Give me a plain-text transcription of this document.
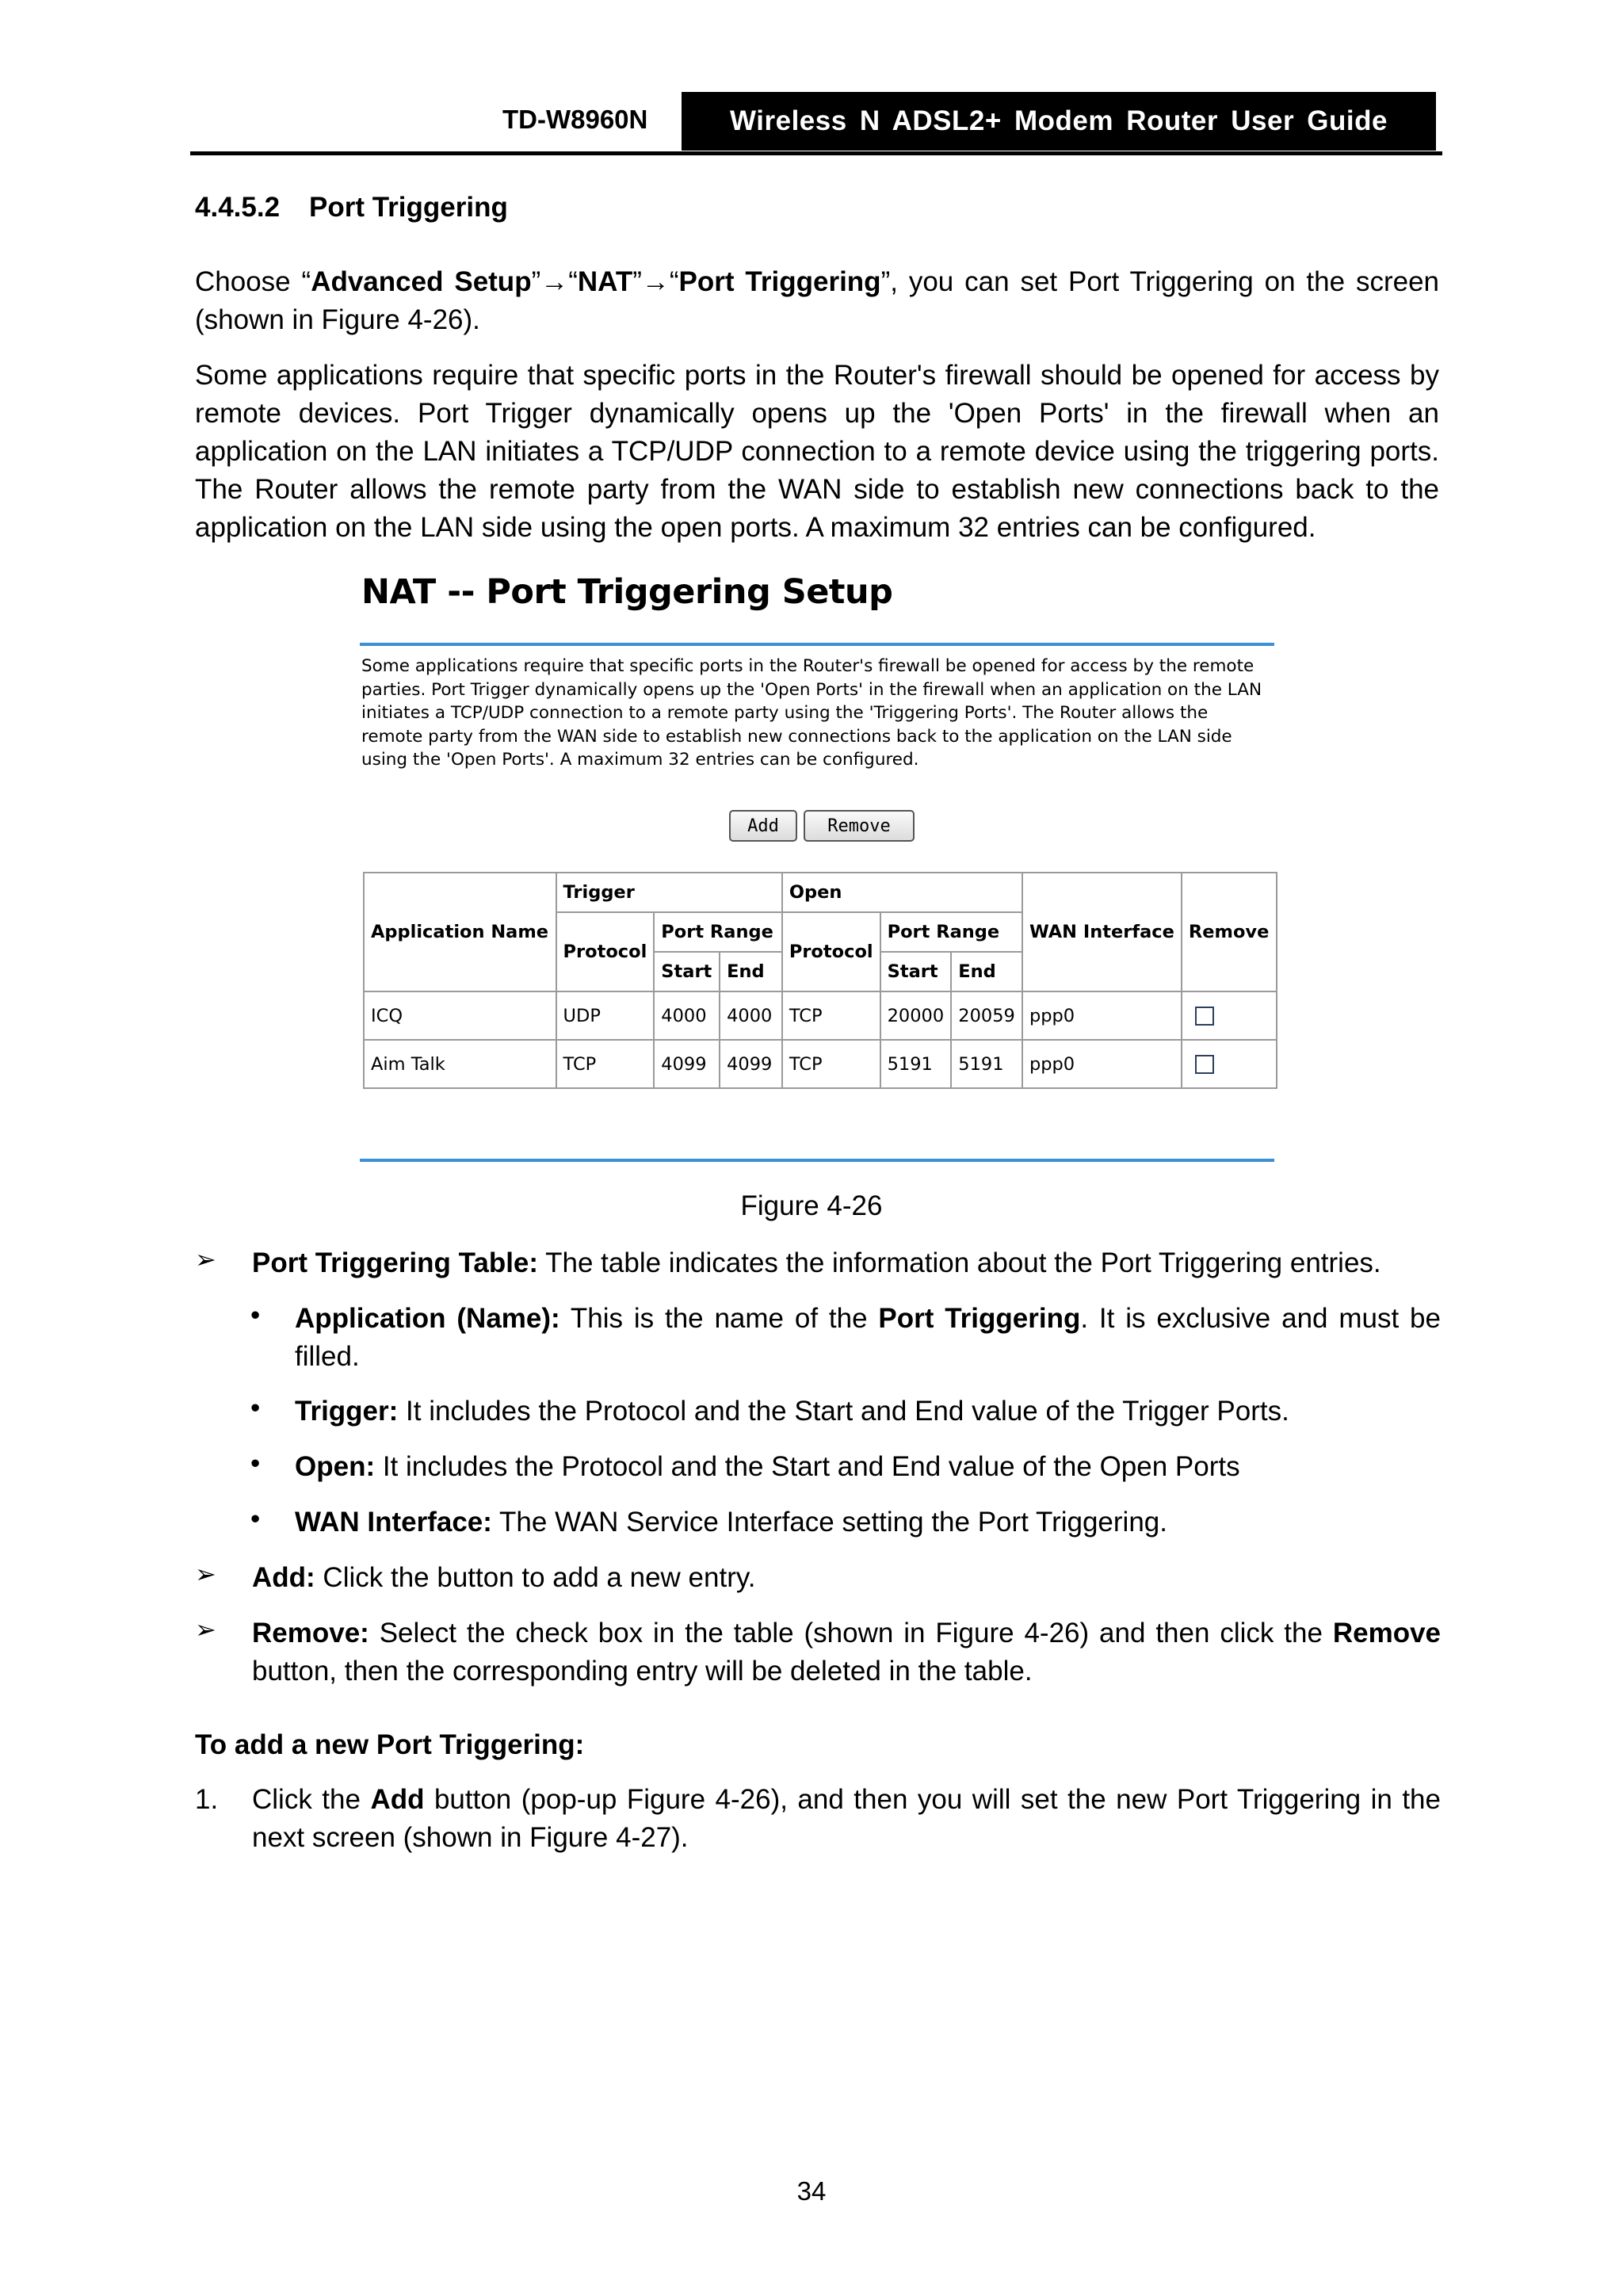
TD-W8960N	Wireless N ADSL2+ Modem Router User Guide
4.4.5.2 Port Triggering
Choose “Advanced Setup”→“NAT”→“Port Triggering”, you can set Port Triggering on the screen (shown in Figure 4-26).
Some applications require that specific ports in the Router's firewall should be opened for access by remote devices. Port Trigger dynamically opens up the 'Open Ports' in the firewall when an application on the LAN initiates a TCP/UDP connection to a remote device using the triggering ports. The Router allows the remote party from the WAN side to establish new connections back to the application on the LAN side using the open ports. A maximum 32 entries can be configured.
NAT -- Port Triggering Setup
Some applications require that specific ports in the Router's firewall be opened for access by the remote parties. Port Trigger dynamically opens up the 'Open Ports' in the firewall when an application on the LAN initiates a TCP/UDP connection to a remote party using the 'Triggering Ports'. The Router allows the remote party from the WAN side to establish new connections back to the application on the LAN side using the 'Open Ports'. A maximum 32 entries can be configured.
Add	Remove
Application Name	Trigger			Open			WAN Interface	Remove
	Protocol	Port Range		Protocol	Port Range			
		Start	End		Start	End		
ICQ	UDP	4000	4000	TCP	20000	20059	ppp0	
Aim Talk	TCP	4099	4099	TCP	5191	5191	ppp0	
Figure 4-26
➢ Port Triggering Table: The table indicates the information about the Port Triggering entries.
• Application (Name): This is the name of the Port Triggering. It is exclusive and must be filled.
• Trigger: It includes the Protocol and the Start and End value of the Trigger Ports.
• Open: It includes the Protocol and the Start and End value of the Open Ports
• WAN Interface: The WAN Service Interface setting the Port Triggering.
➢ Add: Click the button to add a new entry.
➢ Remove: Select the check box in the table (shown in Figure 4-26) and then click the Remove button, then the corresponding entry will be deleted in the table.
To add a new Port Triggering:
1.	Click the Add button (pop-up Figure 4-26), and then you will set the new Port Triggering in the next screen (shown in Figure 4-27).
34
